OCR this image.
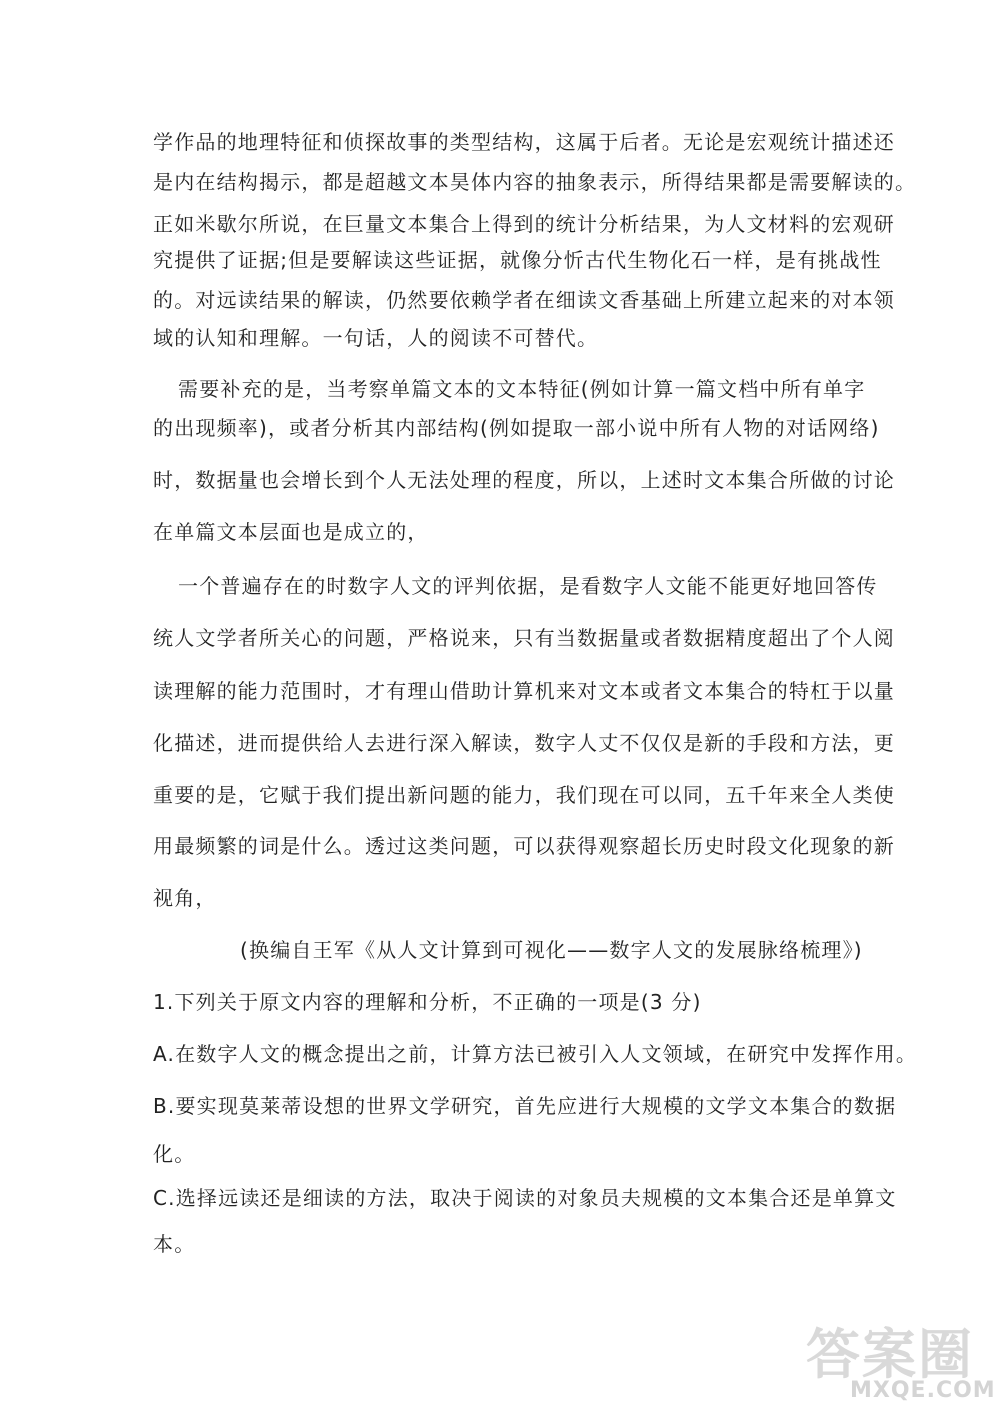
学作品的地理特征和侦探故事的类型结构，这属于后者。无论是宏观统计描述还
是内在结构揭示，都是超越文本昊体内容的抽象表示，所得结果都是需要解读的。
正如米歇尔所说，在巨量文本集合上得到的统计分析结果，为人文材料的宏观研
究提供了证据;但是要解读这些证据，就像分忻古代生物化石一样，是有挑战性
的。对远读结果的解读，仍然要依赖学者在细读文香基础上所建立起来的对本领
域的认知和理解。一句话，人的阅读不可替代。
需要补充的是，当考察单篇文本的文本特征(例如计算一篇文档中所有单字
的出现频率)，或者分析其内部结构(例如提取一部小说中所有人物的对话网络)
时，数据量也会增长到个人无法处理的程度，所以，上述时文本集合所做的讨论
在单篇文本层面也是成立的，
一个普遍存在的时数字人文的评判依据，是看数字人文能不能更好地回答传
统人文学者所关心的问题，严格说来，只有当数据量或者数据精度超出了个人阅
读理解的能力范围时，才有理山借助计算机来对文本或者文本集合的特杠于以量
化描述，进而提供给人去进行深入解读，数字人丈不仅仅是新的手段和方法，更
重要的是，它赋于我们提出新问题的能力，我们现在可以同，五千年来全人类使
用最频繁的词是什么。透过这类问题，可以获得观察超长历史时段文化现象的新
视角，
(换编自王军《从人文计算到可视化——数字人文的发展脉络梳理》)
1.下列关于原文内容的理解和分析，不正确的一项是(3 分)
A.在数字人文的概念提出之前，计算方法已被引入人文领域，在研究中发挥作用。
B.要实现莫莱蒂设想的世界文学研究，首先应进行大规模的文学文本集合的数据
化。
C.选择远读还是细读的方法，取决于阅读的对象员夫规模的文本集合还是单算文
本。
答案圈
MXQE.COM
